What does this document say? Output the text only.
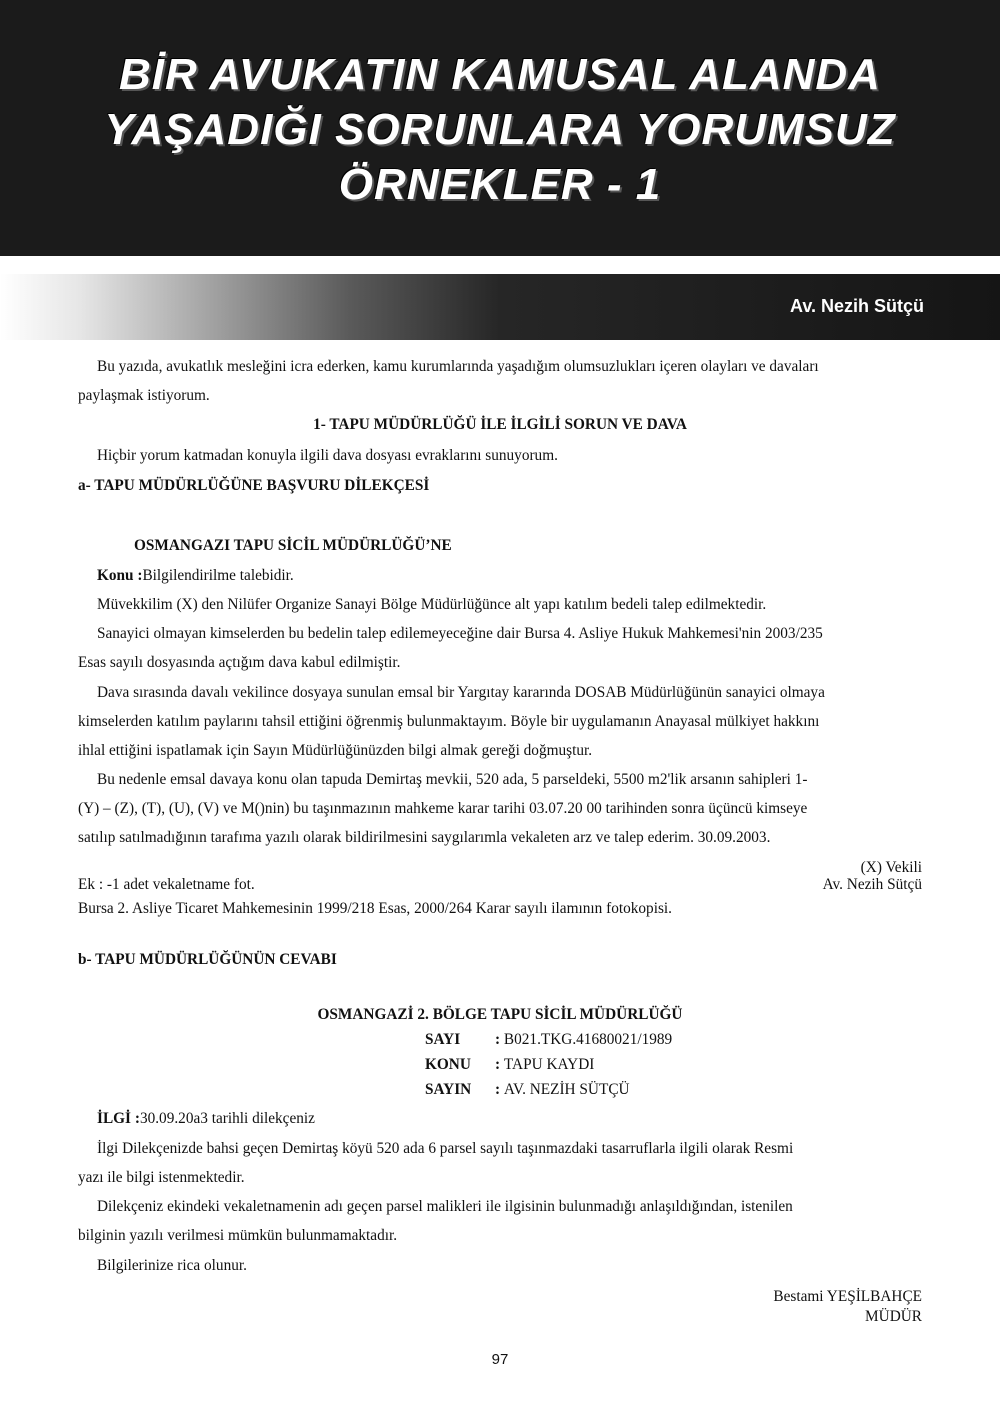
BİR AVUKATIN KAMUSAL ALANDA
YAŞADIĞI SORUNLARA YORUMSUZ
ÖRNEKLER - 1
Av. Nezih Sütçü
Bu yazıda, avukatlık mesleğini icra ederken, kamu kurumlarında yaşadığım olumsuzlukları içeren olayları ve davaları
paylaşmak istiyorum.
1- TAPU MÜDÜRLÜĞÜ İLE İLGİLİ SORUN VE DAVA
Hiçbir yorum katmadan konuyla ilgili dava dosyası evraklarını sunuyorum.
a- TAPU MÜDÜRLÜĞÜNE BAŞVURU DİLEKÇESİ
OSMANGAZI TAPU SİCİL MÜDÜRLÜĞÜ’NE
Konu :Bilgilendirilme talebidir.
Müvekkilim (X) den Nilüfer Organize Sanayi Bölge Müdürlüğünce alt yapı katılım bedeli talep edilmektedir.
Sanayici olmayan kimselerden bu bedelin talep edilemeyeceğine dair Bursa 4. Asliye Hukuk Mahkemesi'nin 2003/235
Esas sayılı dosyasında açtığım dava kabul edilmiştir.
Dava sırasında davalı vekilince dosyaya sunulan emsal bir Yargıtay kararında DOSAB Müdürlüğünün sanayici olmaya
kimselerden katılım paylarını tahsil ettiğini öğrenmiş bulunmaktayım. Böyle bir uygulamanın Anayasal mülkiyet hakkını
ihlal ettiğini ispatlamak için Sayın Müdürlüğünüzden bilgi almak gereği doğmuştur.
Bu nedenle emsal davaya konu olan tapuda Demirtaş mevkii, 520 ada, 5 parseldeki, 5500 m2'lik arsanın sahipleri 1-
(Y) – (Z), (T), (U), (V) ve M()nin) bu taşınmazının mahkeme karar tarihi 03.07.20 00 tarihinden sonra üçüncü kimseye
satılıp satılmadığının tarafıma yazılı olarak bildirilmesini saygılarımla vekaleten arz ve talep ederim. 30.09.2003.
(X) Vekili
Av. Nezih Sütçü
Ek : -1 adet vekaletname fot.
Bursa 2. Asliye Ticaret Mahkemesinin 1999/218 Esas, 2000/264 Karar sayılı ilamının fotokopisi.
b- TAPU MÜDÜRLÜĞÜNÜN CEVABI
OSMANGAZİ 2. BÖLGE TAPU SİCİL MÜDÜRLÜĞÜ
SAYI : B021.TKG.41680021/1989
KONU : TAPU KAYDI
SAYIN : AV. NEZİH SÜTÇÜ
İLGİ :30.09.20a3 tarihli dilekçeniz
İlgi Dilekçenizde bahsi geçen Demirtaş köyü 520 ada 6 parsel sayılı taşınmazdaki tasarruflarla ilgili olarak Resmi
yazı ile bilgi istenmektedir.
Dilekçeniz ekindeki vekaletnamenin adı geçen parsel malikleri ile ilgisinin bulunmadığı anlaşıldığından, istenilen
bilginin yazılı verilmesi mümkün bulunmamaktadır.
Bilgilerinize rica olunur.
Bestami YEŞİLBAHÇE
MÜDÜR
97
